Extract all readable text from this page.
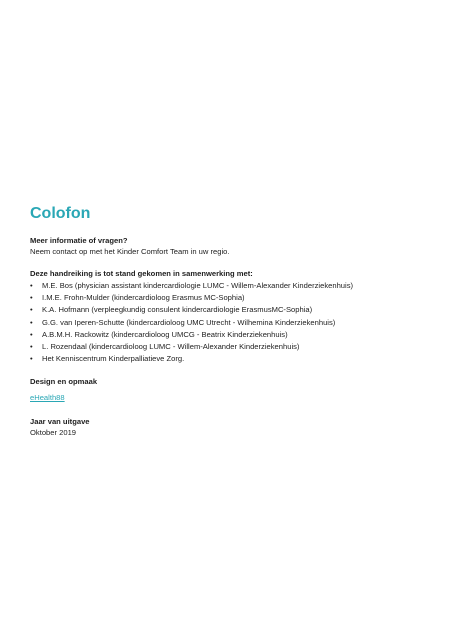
Colofon

Meer informatie of vragen?

Neem contact op met het Kinder Comfort Team in uw regio.

Deze handreiking is tot stand gekomen in samenwerking met:

• M.E. Bos (physician assistant kindercardiologie LUMC - Willem-Alexander Kinderziekenhuis)
• I.M.E. Frohn-Mulder (kindercardioloog Erasmus MC-Sophia)
• K.A. Hofmann (verpleegkundig consulent kindercardiologie ErasmusMC-Sophia)
• G.G. van Iperen-Schutte (kindercardioloog UMC Utrecht - Wilhemina Kinderziekenhuis)
• A.B.M.H. Rackowitz (kindercardioloog UMCG - Beatrix Kinderziekenhuis)
• L. Rozendaal (kindercardioloog LUMC - Willem-Alexander Kinderziekenhuis)
• Het Kenniscentrum Kinderpalliatieve Zorg.

Design en opmaak

eHealth88

Jaar van uitgave

Oktober 2019
